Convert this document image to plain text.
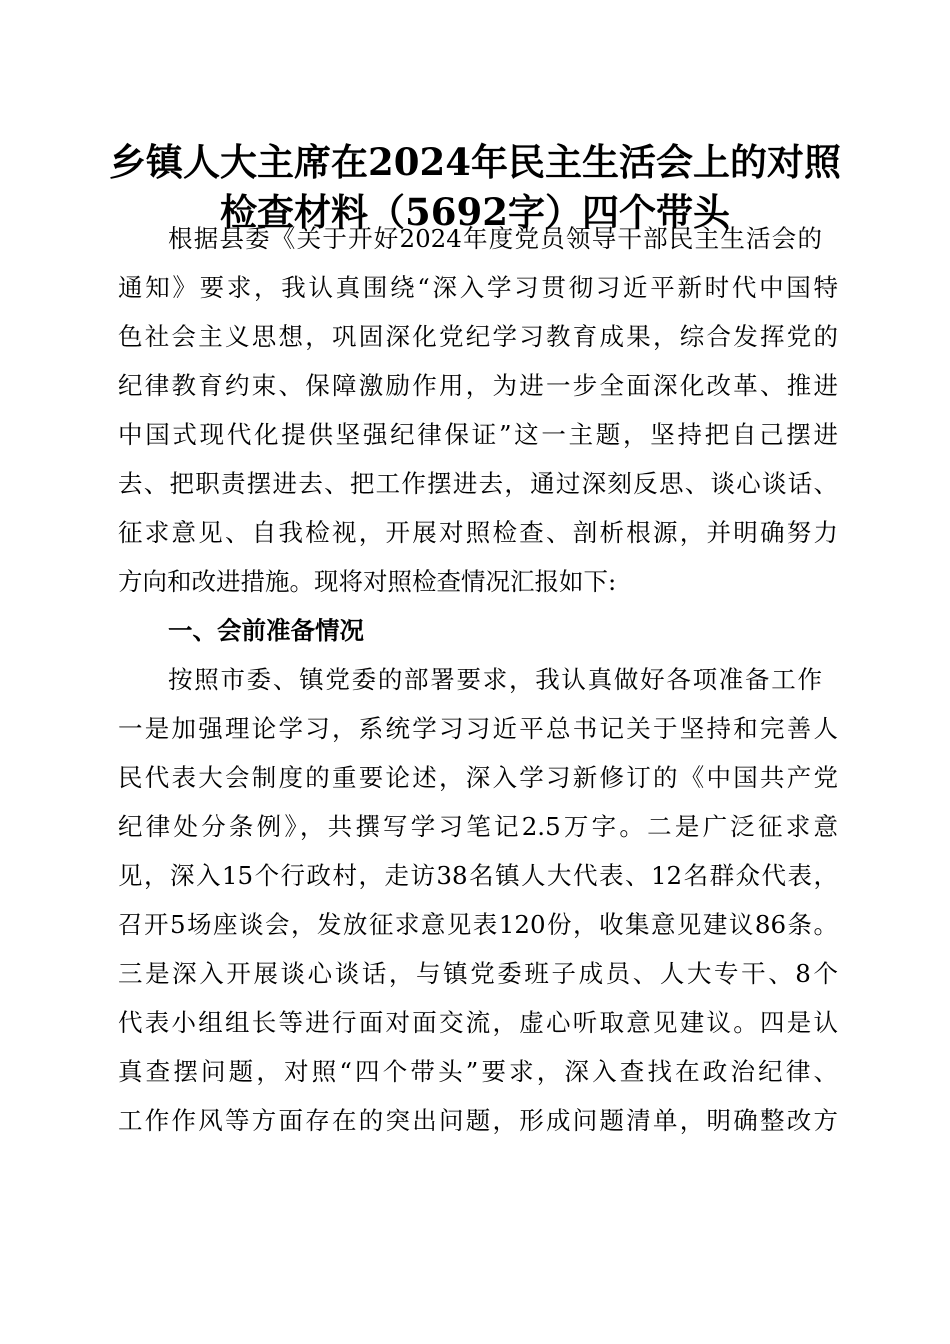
乡镇人大主席在2024年民主生活会上的对照
检查材料（5692字）四个带头
根据县委《关于开好2024年度党员领导干部民主生活会的
通知》要求，我认真围绕“深入学习贯彻习近平新时代中国特
色社会主义思想，巩固深化党纪学习教育成果，综合发挥党的
纪律教育约束、保障激励作用，为进一步全面深化改革、推进
中国式现代化提供坚强纪律保证”这一主题，坚持把自己摆进
去、把职责摆进去、把工作摆进去，通过深刻反思、谈心谈话、
征求意见、自我检视，开展对照检查、剖析根源，并明确努力
方向和改进措施。现将对照检查情况汇报如下:
一、会前准备情况
按照市委、镇党委的部署要求，我认真做好各项准备工作
一是加强理论学习，系统学习习近平总书记关于坚持和完善人
民代表大会制度的重要论述，深入学习新修订的《中国共产党
纪律处分条例》，共撰写学习笔记2.5万字。二是广泛征求意
见，深入15个行政村，走访38名镇人大代表、12名群众代表，
召开5场座谈会，发放征求意见表120份，收集意见建议86条。
三是深入开展谈心谈话，与镇党委班子成员、人大专干、8个
代表小组组长等进行面对面交流，虚心听取意见建议。四是认
真查摆问题，对照“四个带头”要求，深入查找在政治纪律、
工作作风等方面存在的突出问题，形成问题清单，明确整改方
